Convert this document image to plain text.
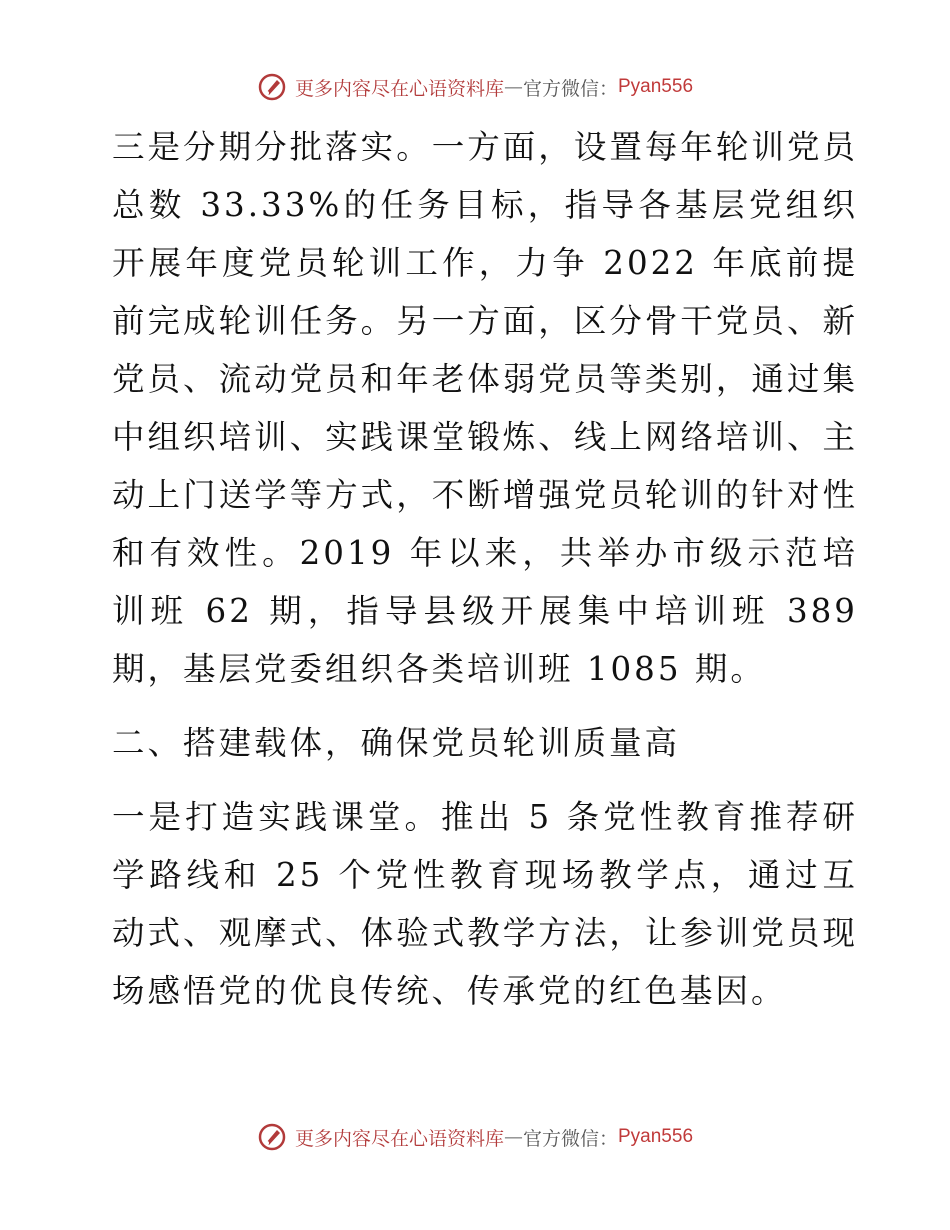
更多内容尽在心语资料库 — 官方微信： Pyan556

三是分期分批落实。一方面，设置每年轮训党员总数 33.33%的任务目标，指导各基层党组织开展年度党员轮训工作，力争 2022 年底前提前完成轮训任务。另一方面，区分骨干党员、新党员、流动党员和年老体弱党员等类别，通过集中组织培训、实践课堂锻炼、线上网络培训、主动上门送学等方式，不断增强党员轮训的针对性和有效性。2019 年以来，共举办市级示范培训班 62 期，指导县级开展集中培训班 389 期，基层党委组织各类培训班 1085 期。

二、搭建载体，确保党员轮训质量高

一是打造实践课堂。推出 5 条党性教育推荐研学路线和 25 个党性教育现场教学点，通过互动式、观摩式、体验式教学方法，让参训党员现场感悟党的优良传统、传承党的红色基因。

更多内容尽在心语资料库 — 官方微信： Pyan556
